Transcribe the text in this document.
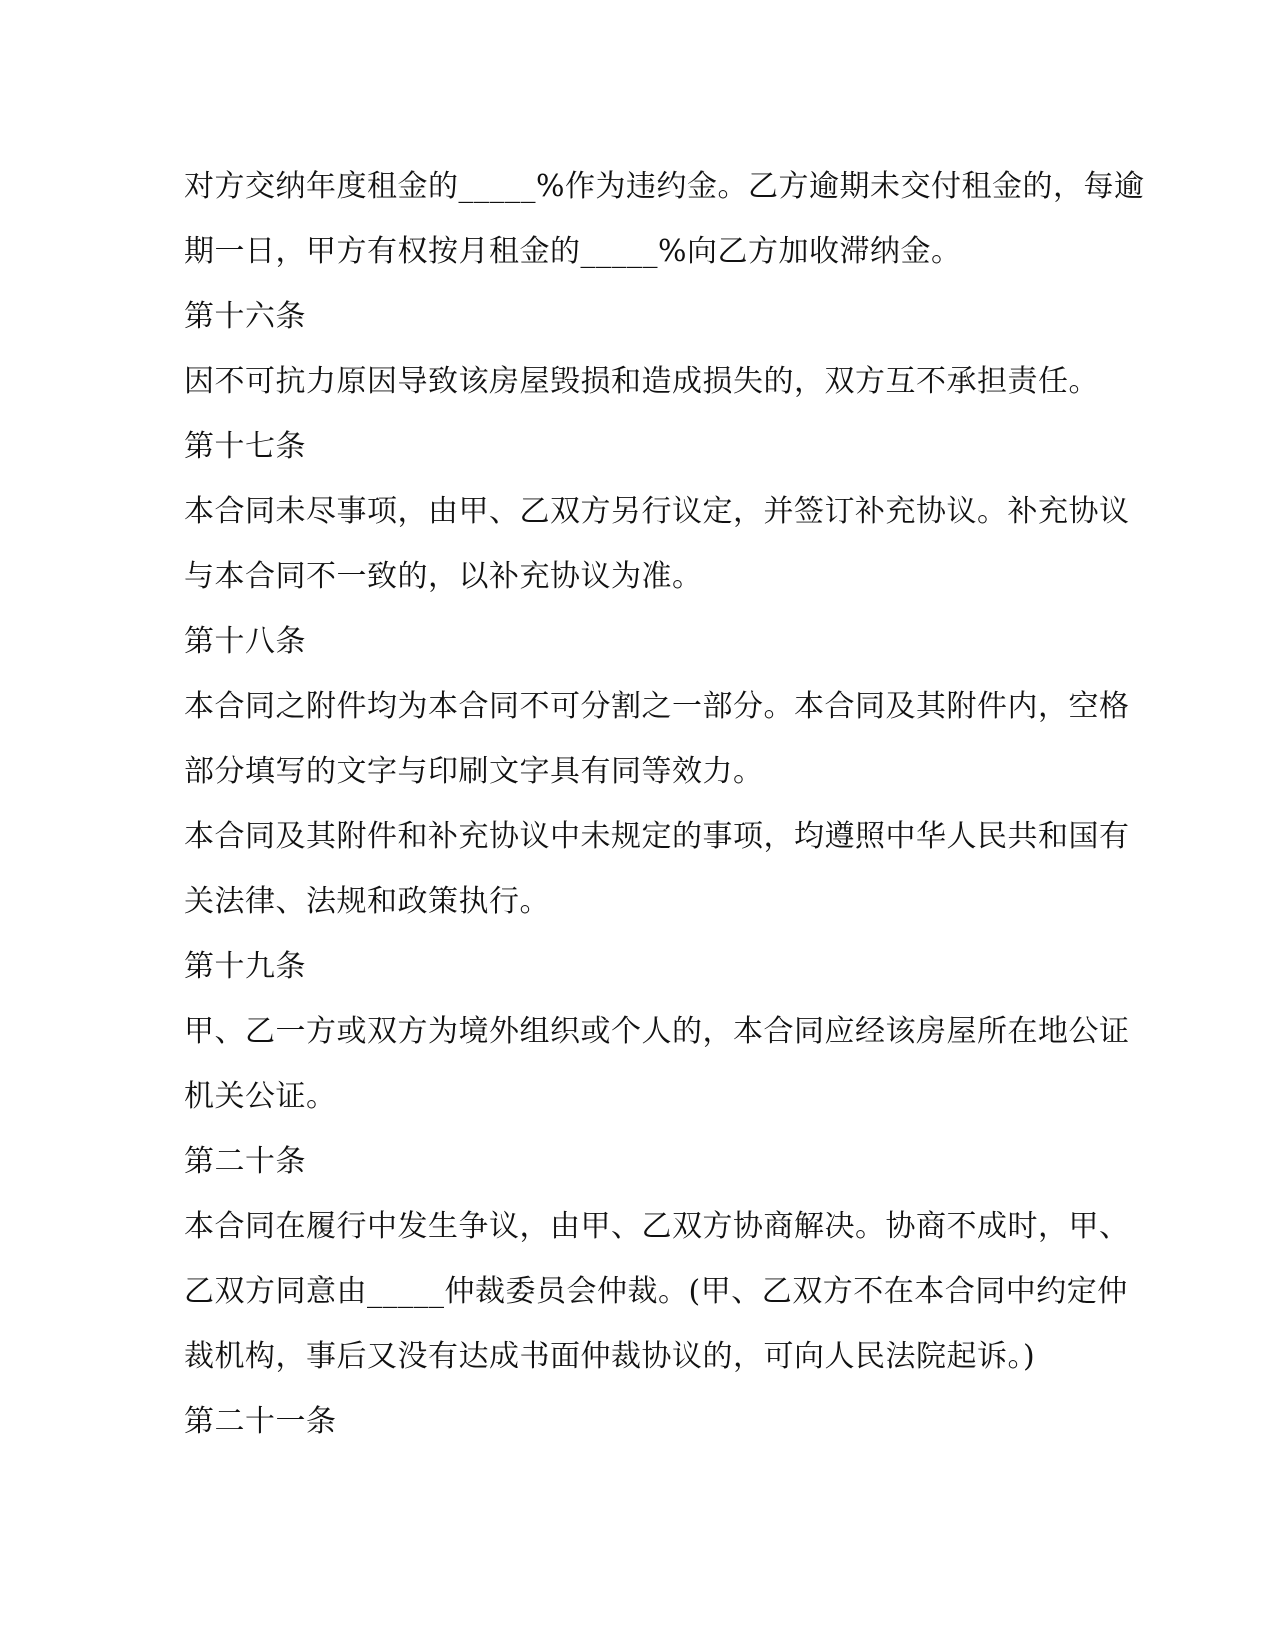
对方交纳年度租金的_____%作为违约金。乙方逾期未交付租金的，每逾
期一日，甲方有权按月租金的_____%向乙方加收滞纳金。
第十六条
因不可抗力原因导致该房屋毁损和造成损失的，双方互不承担责任。
第十七条
本合同未尽事项，由甲、乙双方另行议定，并签订补充协议。补充协议
与本合同不一致的，以补充协议为准。
第十八条
本合同之附件均为本合同不可分割之一部分。本合同及其附件内，空格
部分填写的文字与印刷文字具有同等效力。
本合同及其附件和补充协议中未规定的事项，均遵照中华人民共和国有
关法律、法规和政策执行。
第十九条
甲、乙一方或双方为境外组织或个人的，本合同应经该房屋所在地公证
机关公证。
第二十条
本合同在履行中发生争议，由甲、乙双方协商解决。协商不成时，甲、
乙双方同意由_____仲裁委员会仲裁。(甲、乙双方不在本合同中约定仲
裁机构，事后又没有达成书面仲裁协议的，可向人民法院起诉。)
第二十一条
